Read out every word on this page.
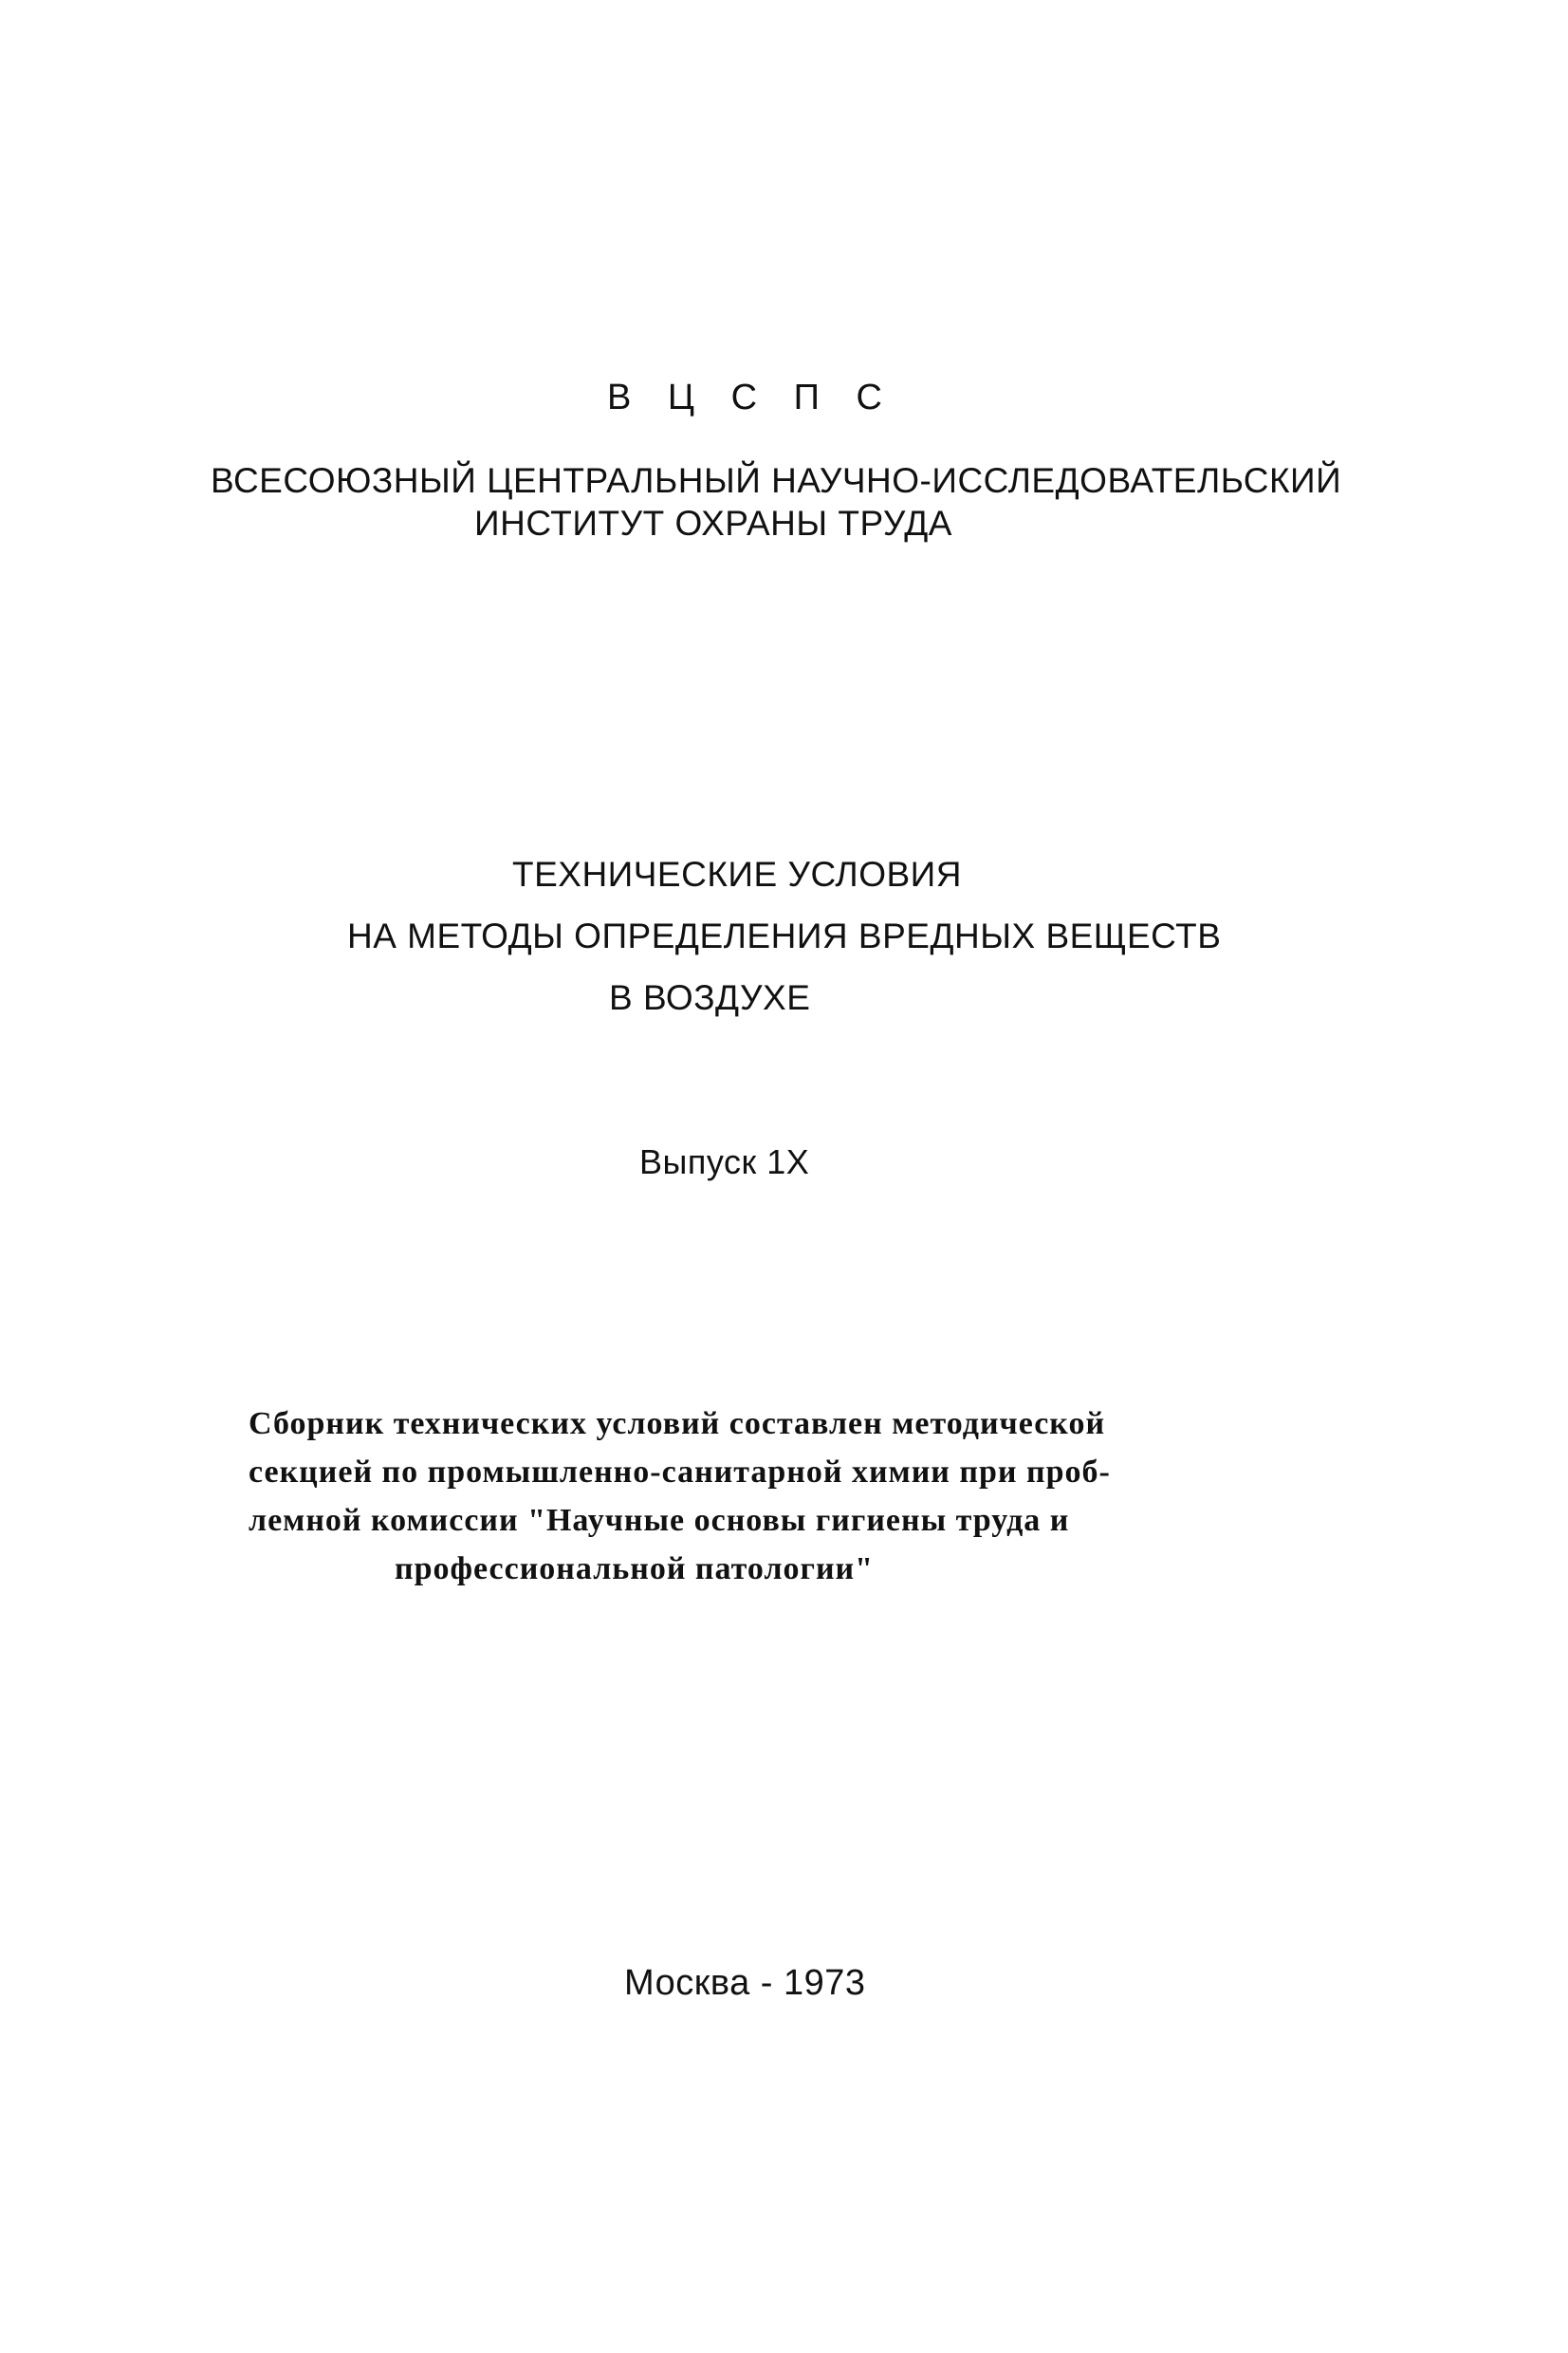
В Ц С П С
ВСЕСОЮЗНЫЙ ЦЕНТРАЛЬНЫЙ НАУЧНО-ИССЛЕДОВАТЕЛЬСКИЙ
ИНСТИТУТ ОХРАНЫ ТРУДА
ТЕХНИЧЕСКИЕ УСЛОВИЯ
НА МЕТОДЫ ОПРЕДЕЛЕНИЯ ВРЕДНЫХ ВЕЩЕСТВ
В ВОЗДУХЕ
Выпуск 1Х
Сборник технических условий составлен методической
секцией по промышленно-санитарной химии при проб-
лемной комиссии "Научные основы гигиены труда и
профессиональной патологии"
Москва - 1973
